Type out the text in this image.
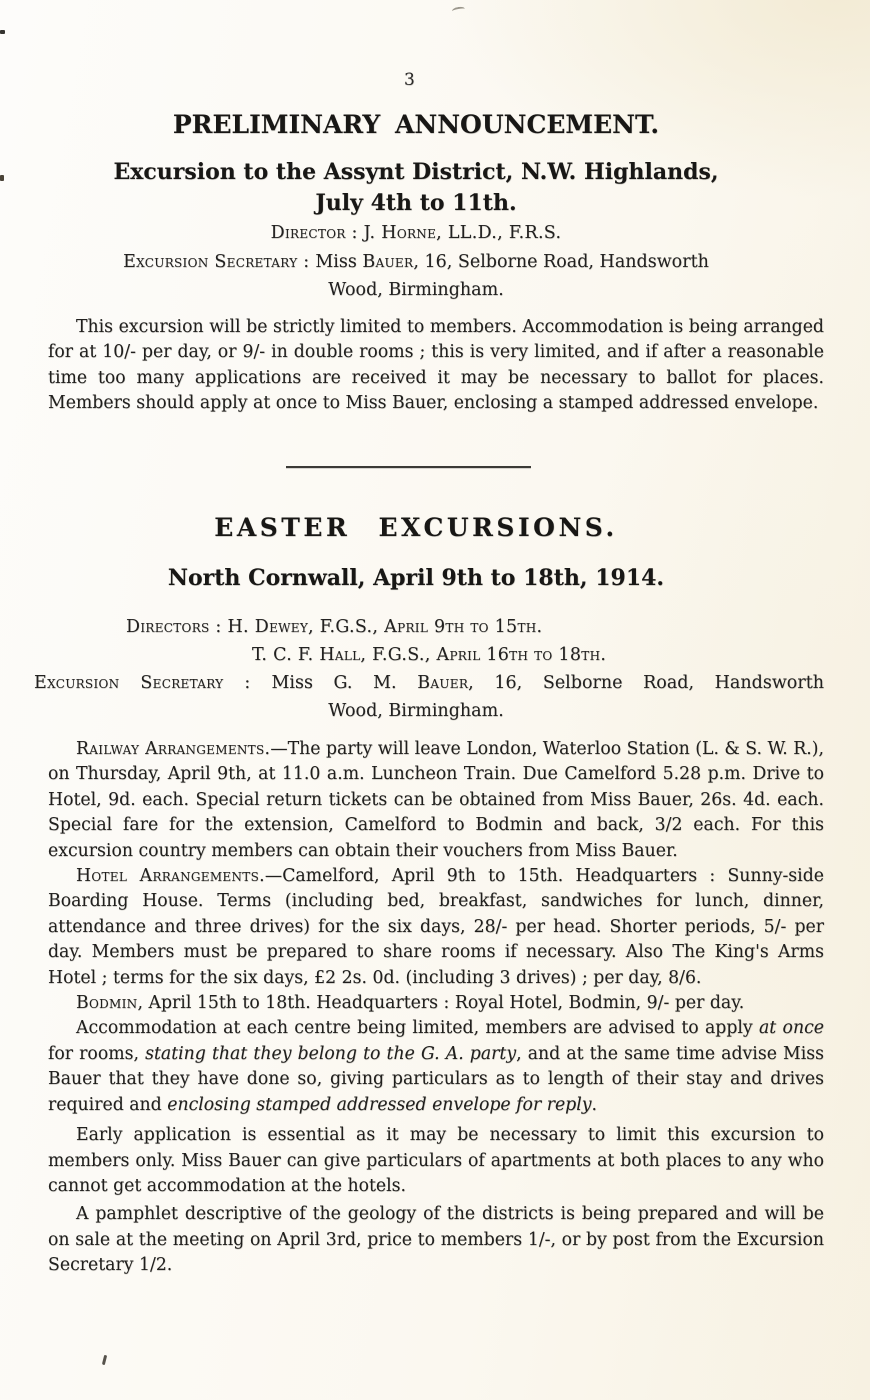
3
PRELIMINARY ANNOUNCEMENT.
Excursion to the Assynt District, N.W. Highlands,
July 4th to 11th.
Director : J. Horne, LL.D., F.R.S.
Excursion Secretary : Miss Bauer, 16, Selborne Road, Handsworth
Wood, Birmingham.
This excursion will be strictly limited to members. Accommodation is being arranged for at 10/- per day, or 9/- in double rooms ; this is very limited, and if after a reasonable time too many applications are received it may be necessary to ballot for places. Members should apply at once to Miss Bauer, enclosing a stamped addressed envelope.
EASTER EXCURSIONS.
North Cornwall, April 9th to 18th, 1914.
Directors : H. Dewey, F.G.S., April 9th to 15th.
T. C. F. Hall, F.G.S., April 16th to 18th.
Excursion Secretary : Miss G. M. Bauer, 16, Selborne Road, Handsworth
Wood, Birmingham.

Railway Arrangements.—The party will leave London, Waterloo Station (L. & S. W. R.), on Thursday, April 9th, at 11.0 a.m. Luncheon Train. Due Camelford 5.28 p.m. Drive to Hotel, 9d. each. Special return tickets can be obtained from Miss Bauer, 26s. 4d. each. Special fare for the extension, Camelford to Bodmin and back, 3/2 each. For this excursion country members can obtain their vouchers from Miss Bauer.

Hotel Arrangements.—Camelford, April 9th to 15th. Headquarters : Sunny-side Boarding House. Terms (including bed, breakfast, sandwiches for lunch, dinner, attendance and three drives) for the six days, 28/- per head. Shorter periods, 5/- per day. Members must be prepared to share rooms if necessary. Also The King's Arms Hotel ; terms for the six days, £2 2s. 0d. (including 3 drives) ; per day, 8/6.

Bodmin, April 15th to 18th. Headquarters : Royal Hotel, Bodmin, 9/- per day.

Accommodation at each centre being limited, members are advised to apply at once for rooms, stating that they belong to the G. A. party, and at the same time advise Miss Bauer that they have done so, giving particulars as to length of their stay and drives required and enclosing stamped addressed envelope for reply.

Early application is essential as it may be necessary to limit this excursion to members only. Miss Bauer can give particulars of apartments at both places to any who cannot get accommodation at the hotels.

A pamphlet descriptive of the geology of the districts is being prepared and will be on sale at the meeting on April 3rd, price to members 1/-, or by post from the Excursion Secretary 1/2.
